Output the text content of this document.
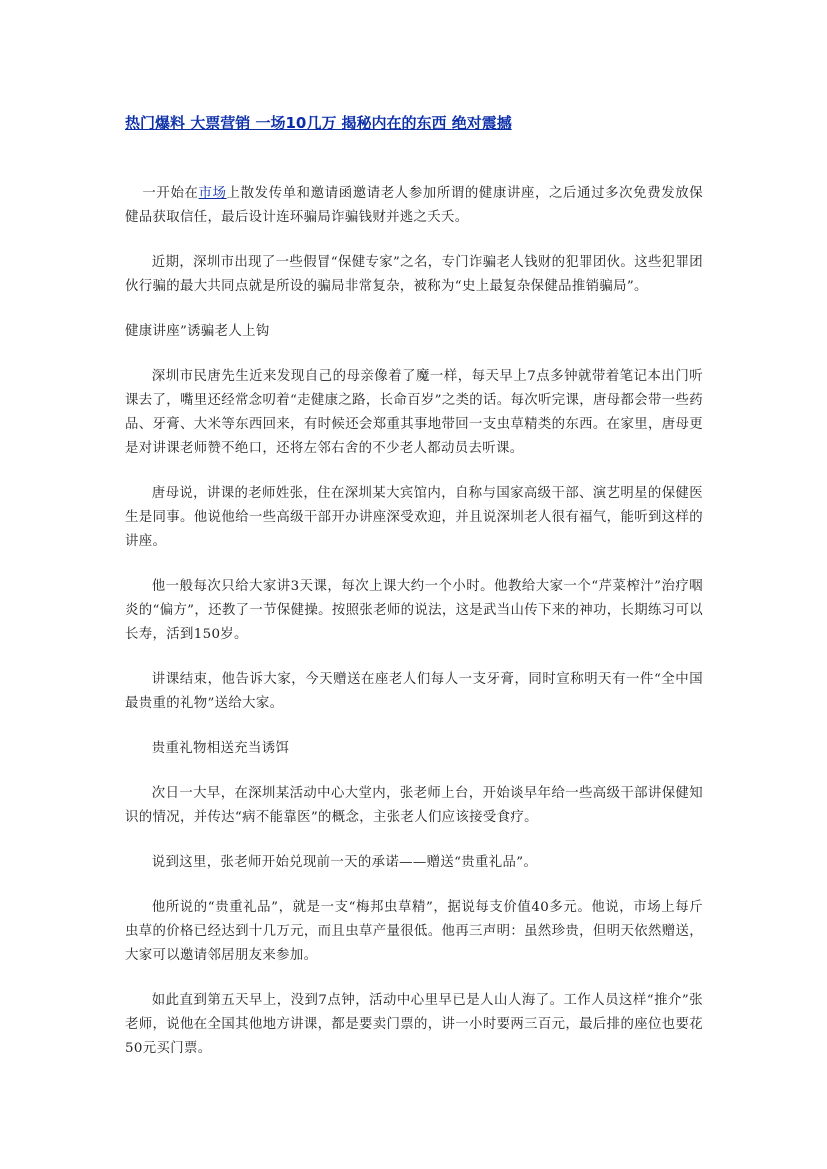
热门爆料 大票营销 一场10几万 揭秘内在的东西 绝对震撼

一开始在市场上散发传单和邀请函邀请老人参加所谓的健康讲座，之后通过多次免费发放保健品获取信任，最后设计连环骗局诈骗钱财并逃之夭夭。

近期，深圳市出现了一些假冒“保健专家”之名，专门诈骗老人钱财的犯罪团伙。这些犯罪团伙行骗的最大共同点就是所设的骗局非常复杂，被称为“史上最复杂保健品推销骗局”。

健康讲座”诱骗老人上钩

深圳市民唐先生近来发现自己的母亲像着了魔一样，每天早上7点多钟就带着笔记本出门听课去了，嘴里还经常念叨着“走健康之路，长命百岁”之类的话。每次听完课，唐母都会带一些药品、牙膏、大米等东西回来，有时候还会郑重其事地带回一支虫草精类的东西。在家里，唐母更是对讲课老师赞不绝口，还将左邻右舍的不少老人都动员去听课。

唐母说，讲课的老师姓张，住在深圳某大宾馆内，自称与国家高级干部、演艺明星的保健医生是同事。他说他给一些高级干部开办讲座深受欢迎，并且说深圳老人很有福气，能听到这样的讲座。

他一般每次只给大家讲3天课，每次上课大约一个小时。他教给大家一个“芹菜榨汁”治疗咽炎的“偏方”，还教了一节保健操。按照张老师的说法，这是武当山传下来的神功，长期练习可以长寿，活到150岁。

讲课结束，他告诉大家，今天赠送在座老人们每人一支牙膏，同时宣称明天有一件“全中国最贵重的礼物”送给大家。

贵重礼物相送充当诱饵

次日一大早，在深圳某活动中心大堂内，张老师上台，开始谈早年给一些高级干部讲保健知识的情况，并传达“病不能靠医”的概念，主张老人们应该接受食疗。

说到这里，张老师开始兑现前一天的承诺——赠送“贵重礼品”。

他所说的“贵重礼品”，就是一支“梅邦虫草精”，据说每支价值40多元。他说，市场上每斤虫草的价格已经达到十几万元，而且虫草产量很低。他再三声明：虽然珍贵，但明天依然赠送，大家可以邀请邻居朋友来参加。

如此直到第五天早上，没到7点钟，活动中心里早已是人山人海了。工作人员这样“推介”张老师，说他在全国其他地方讲课，都是要卖门票的，讲一小时要两三百元，最后排的座位也要花50元买门票。
